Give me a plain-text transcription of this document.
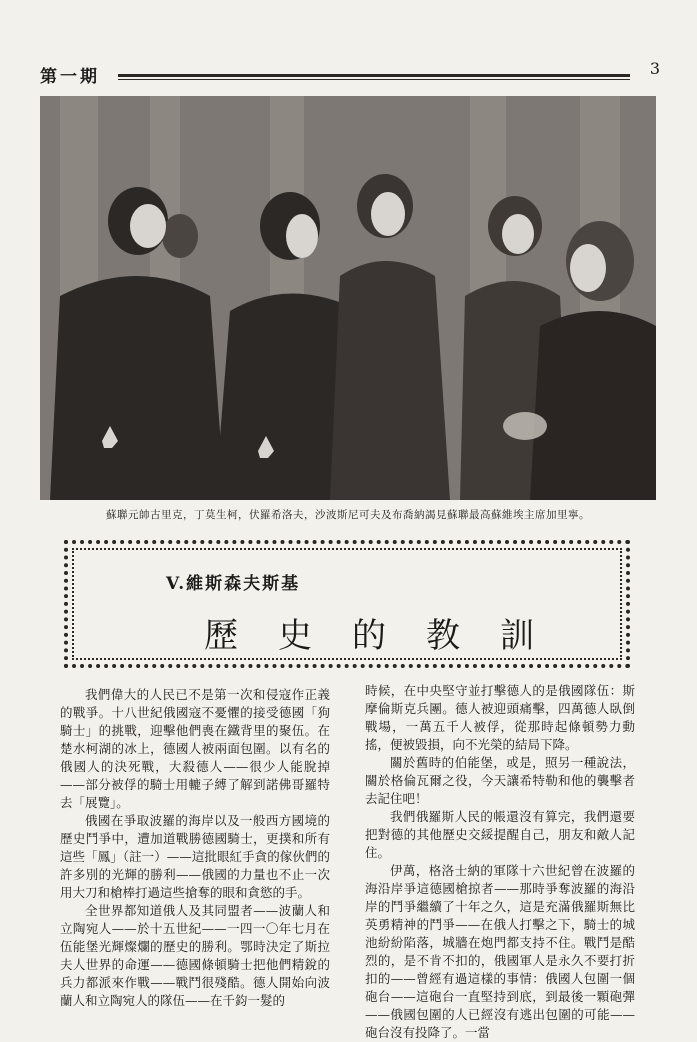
第一期	3
蘇聯元帥古里克，丁莫生柯，伏羅希洛夫，沙波斯尼可夫及布喬納謁見蘇聯最高蘇維埃主席加里寧。
V.維斯森夫斯基
歷史的教訓

我們偉大的人民已不是第一次和侵寇作正義的戰爭。十八世紀俄國寇不憂懼的接受德國「狗騎士」的挑戰，迎擊他們喪在鐵背里的聚伍。在楚水柯湖的冰上，德國人被兩面包圍。以有名的俄國人的決死戰，大殺德人——很少人能脫掉——部分被俘的騎士用轆子縛了解到諾佛哥羅特去「展覽」。

俄國在爭取波羅的海岸以及一般西方國境的歷史鬥爭中，遭加道戰勝德國騎士，更撲和所有這些「鳳」（註一）——這批眼紅手貪的傢伙們的許多別的光輝的勝利——俄國的力量也不止一次用大刀和槍棒打過這些搶奪的眼和貪慾的手。

全世界都知道俄人及其同盟者——波蘭人和立陶宛人——於十五世紀——一四一〇年七月在伍能堡光輝燦爛的歷史的勝利。鄂時決定了斯拉夫人世界的命運——德國條頓騎士把他們精銳的兵力都派來作戰——戰鬥很殘酷。德人開始向波蘭人和立陶宛人的隊伍——在千鈞一髮的

時候，在中央堅守並打擊德人的是俄國隊伍：斯摩倫斯克兵團。德人被迎頭痛擊，四萬德人臥倒戰場，一萬五千人被俘，從那時起條頓勢力動搖，便被毀損，向不光榮的結局下降。

關於舊時的伯能堡，或是，照另一種說法，關於格倫瓦爾之役，今天讓希特勒和他的襲擊者去記住吧！

我們俄羅斯人民的帳還沒有算完，我們還要把對德的其他歷史交綏提醒自己，朋友和敵人記住。

伊萬，格洛士納的軍隊十六世紀曾在波羅的海沿岸爭這德國槍掠者——那時爭奪波羅的海沿岸的鬥爭繼續了十年之久，這是充滿俄羅斯無比英勇精神的鬥爭——在俄人打擊之下，騎士的城池紛紛陷落，城牆在炮門都支持不住。戰鬥是酷烈的，是不肯不扣的，俄國軍人是永久不要打折扣的——曾經有過這樣的事情：俄國人包圍一個砲台——這砲台一直堅持到底，到最後一顆砲彈——俄國包圍的人已經沒有逃出包圍的可能——砲台沒有投降了。一當
